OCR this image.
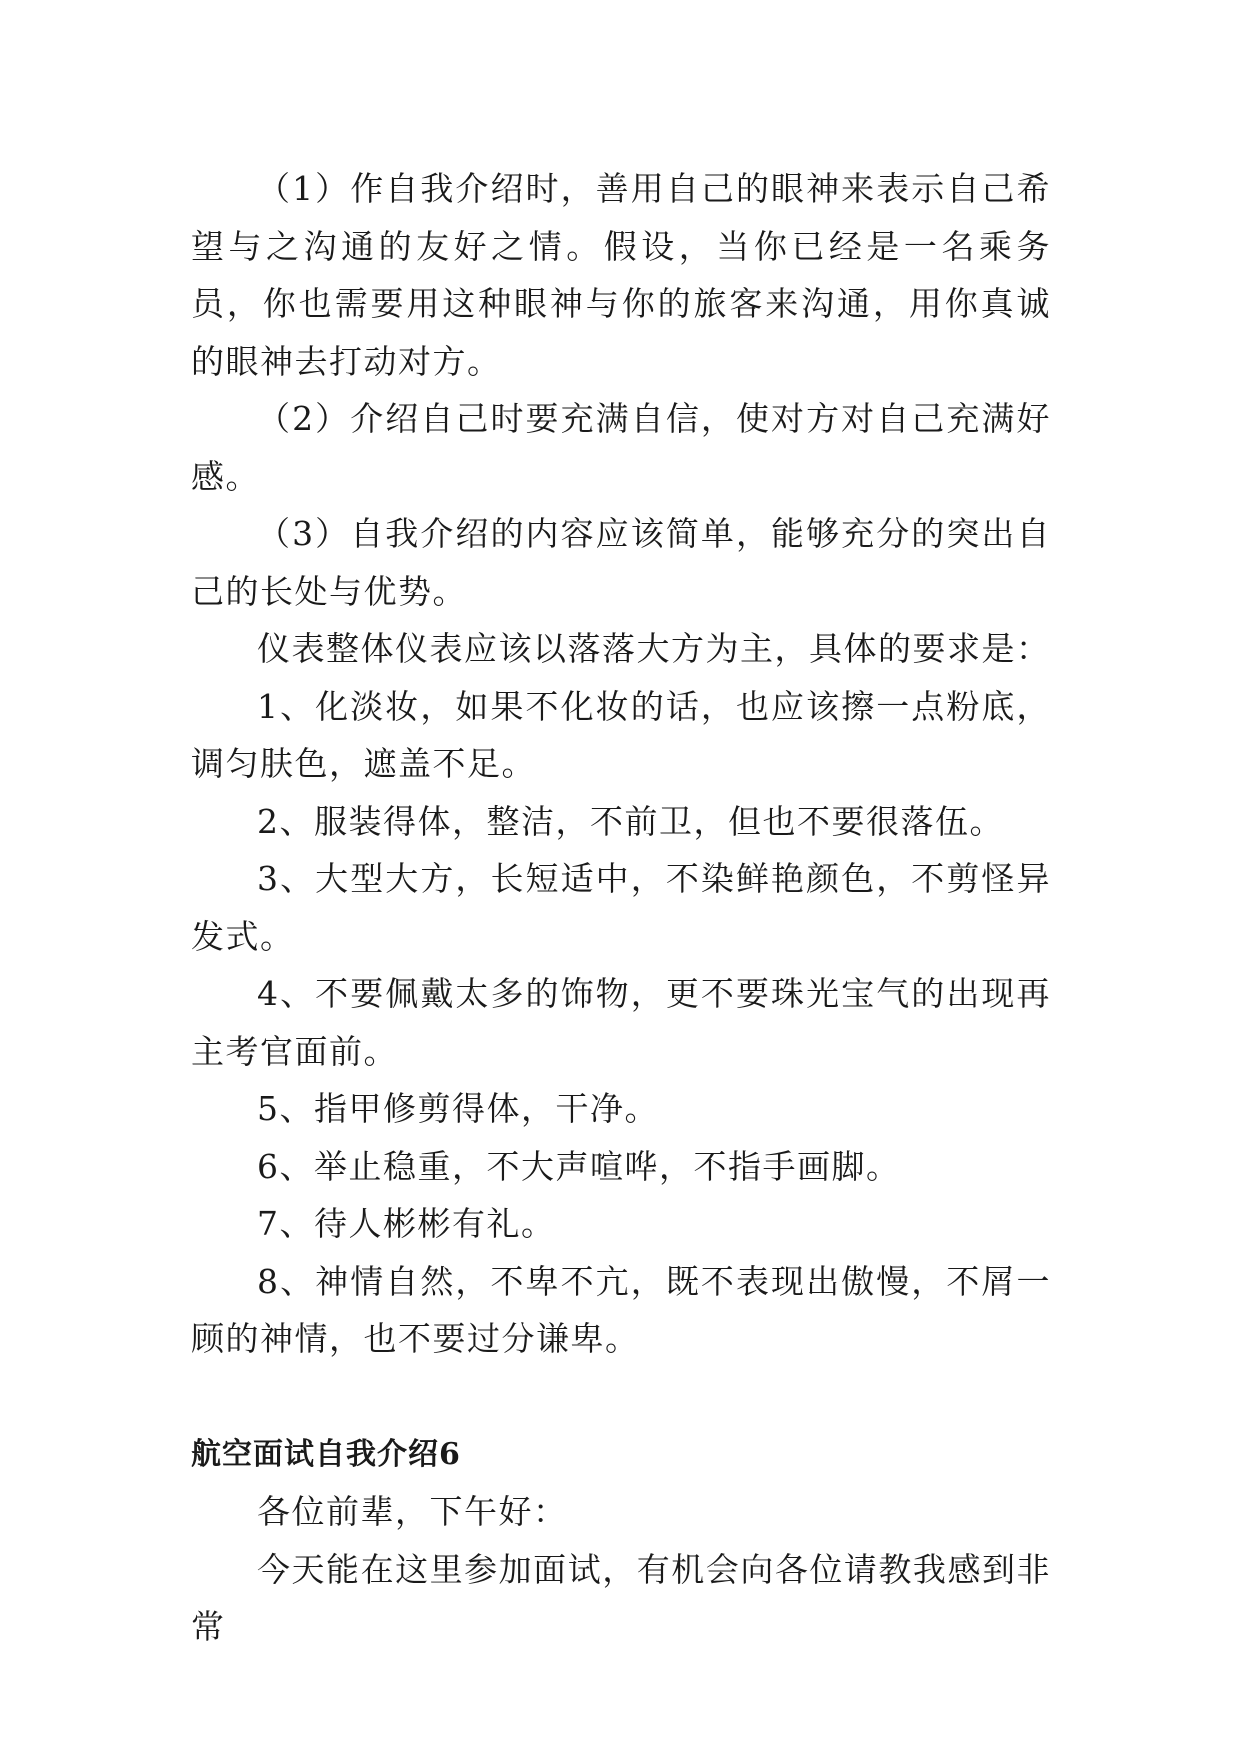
（1）作自我介绍时，善用自己的眼神来表示自己希望与之沟通的友好之情。假设，当你已经是一名乘务员，你也需要用这种眼神与你的旅客来沟通，用你真诚的眼神去打动对方。

（2）介绍自己时要充满自信，使对方对自己充满好感。

（3）自我介绍的内容应该简单，能够充分的突出自己的长处与优势。

仪表整体仪表应该以落落大方为主，具体的要求是：

1、化淡妆，如果不化妆的话，也应该擦一点粉底，调匀肤色，遮盖不足。

2、服装得体，整洁，不前卫，但也不要很落伍。

3、大型大方，长短适中，不染鲜艳颜色，不剪怪异发式。

4、不要佩戴太多的饰物，更不要珠光宝气的出现再主考官面前。

5、指甲修剪得体，干净。

6、举止稳重，不大声喧哗，不指手画脚。

7、待人彬彬有礼。

8、神情自然，不卑不亢，既不表现出傲慢，不屑一顾的神情，也不要过分谦卑。

航空面试自我介绍6

各位前辈，下午好：

今天能在这里参加面试，有机会向各位请教我感到非常
